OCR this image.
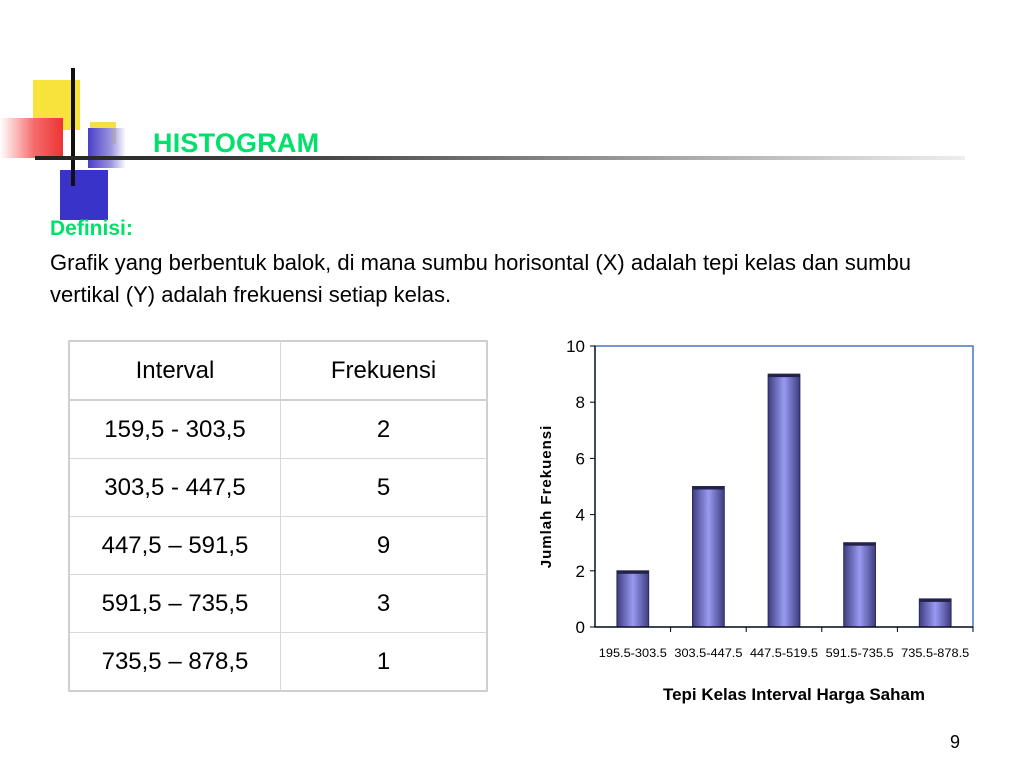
HISTOGRAM
Definisi:
Grafik yang berbentuk balok, di mana sumbu horisontal (X) adalah tepi kelas dan sumbu vertikal (Y) adalah frekuensi setiap kelas.
Interval	Frekuensi
159,5 - 303,5	2
303,5 - 447,5	5
447,5 – 591,5	9
591,5 – 735,5	3
735,5 – 878,5	1
0
2
4
6
8
10
195.5-303.5 303.5-447.5 447.5-519.5 591.5-735.5 735.5-878.5
Jumlah Frekuensi
Tepi Kelas Interval Harga Saham
9
